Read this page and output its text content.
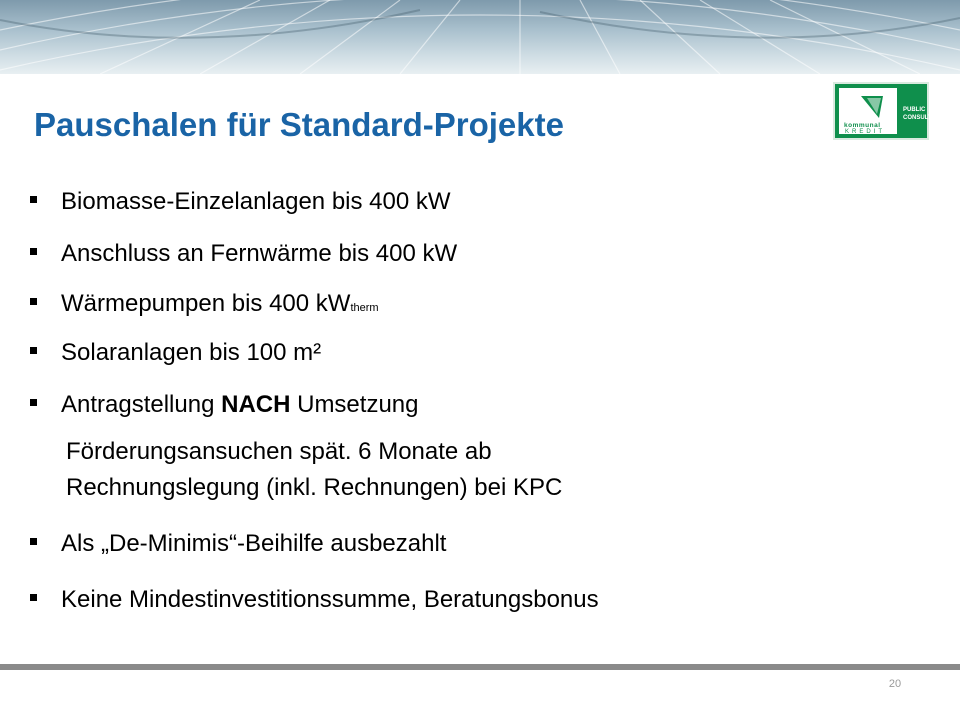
kommunal
KREDIT
PUBLIC
CONSULTING
Pauschalen für Standard-Projekte
Biomasse-Einzelanlagen bis 400 kW
Anschluss an Fernwärme bis 400 kW
Wärmepumpen bis 400 kWtherm
Solaranlagen bis 100 m²
Antragstellung NACH Umsetzung
Als „De-Minimis“-Beihilfe ausbezahlt
Keine Mindestinvestitionssumme, Beratungsbonus
Förderungsansuchen spät. 6 Monate ab
Rechnungslegung (inkl. Rechnungen) bei KPC
20
